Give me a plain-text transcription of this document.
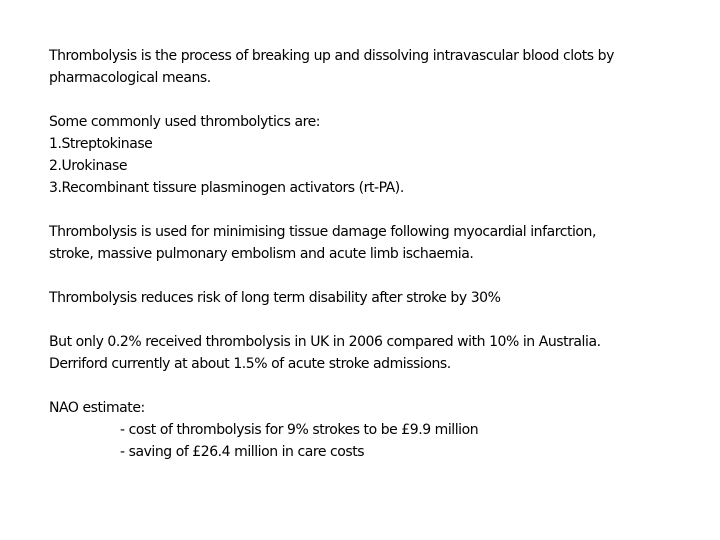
Thrombolysis is the process of breaking up and dissolving intravascular blood clots by
pharmacological means.
Some commonly used thrombolytics are:
1.Streptokinase
2.Urokinase
3.Recombinant tissure plasminogen activators (rt-PA).
Thrombolysis is used for minimising tissue damage following myocardial infarction,
stroke, massive pulmonary embolism and acute limb ischaemia.
Thrombolysis reduces risk of long term disability after stroke by 30%
But only 0.2% received thrombolysis in UK in 2006 compared with 10% in Australia.
Derriford currently at about 1.5% of acute stroke admissions.
NAO estimate:
- cost of thrombolysis for 9% strokes to be £9.9 million
- saving of £26.4 million in care costs
